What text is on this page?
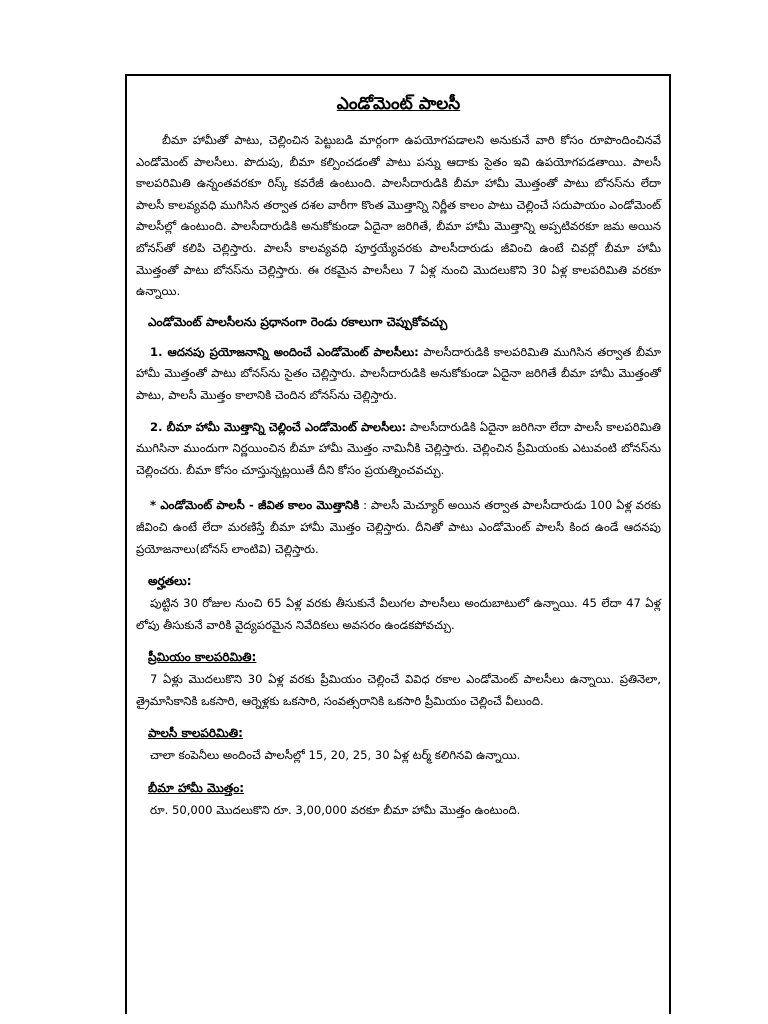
ఎండోమెంట్ పాలసీ

బీమా హామీతో పాటు, చెల్లించిన పెట్టుబడి మార్గంగా ఉపయోగపడాలని అనుకునే వారి కోసం రూపొందించినవే ఎండోమెంట్ పాలసీలు. పొదుపు, బీమా కల్పించడంతో పాటు పన్ను ఆదాకు సైతం ఇవి ఉపయోగపడతాయి. పాలసీ కాలపరిమితి ఉన్నంతవరకూ రిస్క్ కవరేజీ ఉంటుంది. పాలసీదారుడికి బీమా హామీ మొత్తంతో పాటు బోనస్‌ను లేదా పాలసీ కాలవ్యవధి ముగిసిన తర్వాత దశల వారీగా కొంత మొత్తాన్ని నిర్ణీత కాలం పాటు చెల్లించే సదుపాయం ఎండోమెంట్ పాలసీల్లో ఉంటుంది. పాలసీదారుడికి అనుకోకుండా ఏదైనా జరిగితే, బీమా హామీ మొత్తాన్ని అప్పటివరకూ జమ అయిన బోనస్‌తో కలిపి చెల్లిస్తారు. పాలసీ కాలవ్యవధి పూర్తయ్యేవరకు పాలసీదారుడు జీవించి ఉంటే చివర్లో బీమా హామీ మొత్తంతో పాటు బోనస్‌ను చెల్లిస్తారు. ఈ రకమైన పాలసీలు 7 ఏళ్ల నుంచి మొదలుకొని 30 ఏళ్ల కాలపరిమితి వరకూ ఉన్నాయి.

ఎండోమెంట్ పాలసీలను ప్రధానంగా రెండు రకాలుగా చెప్పుకోవచ్చు

1. ఆదనపు ప్రయోజనాన్ని అందించే ఎండోమెంట్ పాలసీలు: పాలసీదారుడికి కాలపరిమితి ముగిసిన తర్వాత బీమా హామీ మొత్తంతో పాటు బోనస్‌ను సైతం చెల్లిస్తారు. పాలసీదారుడికి అనుకోకుండా ఏదైనా జరిగితే బీమా హామీ మొత్తంతో పాటు, పాలసీ మొత్తం కాలానికి చెందిన బోనస్‌ను చెల్లిస్తారు.

2. బీమా హామీ మొత్తాన్ని చెల్లించే ఎండోమెంట్ పాలసీలు: పాలసీదారుడికి ఏదైనా జరిగినా లేదా పాలసీ కాలపరిమితి ముగిసినా ముందుగా నిర్ణయించిన బీమా హామీ మొత్తం నామినీకి చెల్లిస్తారు. చెల్లించిన ప్రీమియంకు ఎటువంటి బోనస్‌ను చెల్లించరు. బీమా కోసం చూస్తున్నట్లయితే దీని కోసం ప్రయత్నించవచ్చు.

* ఎండోమెంట్ పాలసీ - జీవిత కాలం మొత్తానికి : పాలసీ మెచ్యూర్ అయిన తర్వాత పాలసీదారుడు 100 ఏళ్ల వరకు జీవించి ఉంటే లేదా మరణిస్తే బీమా హామీ మొత్తం చెల్లిస్తారు. దీనితో పాటు ఎండోమెంట్ పాలసీ కింద ఉండే ఆదనపు ప్రయోజనాలు(బోనస్ లాంటివి) చెల్లిస్తారు.

అర్హతలు:

పుట్టిన 30 రోజుల నుంచి 65 ఏళ్ల వరకు తీసుకునే వీలుగల పాలసీలు అందుబాటులో ఉన్నాయి. 45 లేదా 47 ఏళ్ల లోపు తీసుకునే వారికి వైద్యపరమైన నివేదికలు అవసరం ఉండకపోవచ్చు.

ప్రీమియం కాలపరిమితి:

7 ఏళ్లు మొదలుకొని 30 ఏళ్ల వరకు ప్రీమియం చెల్లించే వివిధ రకాల ఎండోమెంట్ పాలసీలు ఉన్నాయి. ప్రతినెలా, త్రైమాసికానికి ఒకసారి, ఆర్నెళ్లకు ఒకసారి, సంవత్సరానికి ఒకసారి ప్రీమియం చెల్లించే వీలుంది.

పాలసీ కాలపరిమితి:

చాలా కంపెనీలు అందించే పాలసీల్లో 15, 20, 25, 30 ఏళ్ల టర్మ్ కలిగినవి ఉన్నాయి.

బీమా హామీ మొత్తం:

రూ. 50,000 మొదలుకొని రూ. 3,00,000 వరకూ బీమా హామీ మొత్తం ఉంటుంది.
